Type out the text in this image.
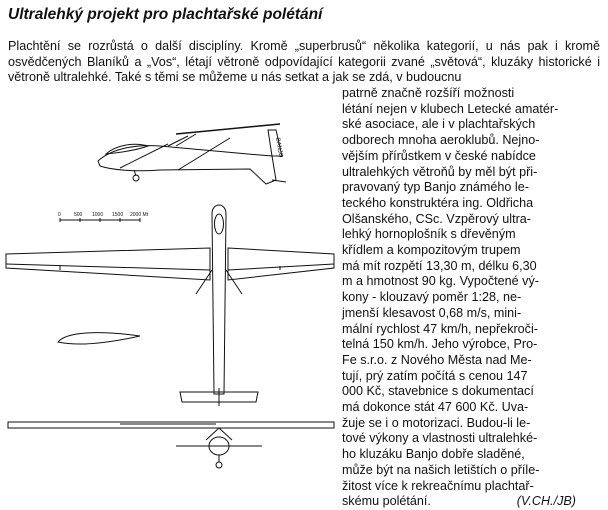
Ultralehký projekt pro plachtařské polétání

Plachtění se rozrůstá o další disciplíny. Kromě „superbrusů“ několika kategorií, u nás pak i kromě osvědčených Blaníků a „Vos“, létají větroně odpovídající kategorii zvané „světová“, kluzáky historické i větroně ultralehké. Také s těmi se můžeme u nás setkat a jak se zdá, v budoucnu

BANJO
0	500 1000 1500 2000 Mt

patrně značně rozšíří možnosti
létání nejen v klubech Letecké amatér-
ské asociace, ale i v plachtařských
odborech mnoha aeroklubů. Nejno-
vějším přírůstkem v české nabídce
ultralehkých větroňů by měl být při-
pravovaný typ Banjo známého le-
teckého konstruktéra ing. Oldřicha
Olšanského, CSc. Vzpěrový ultra-
lehký hornoplošník s dřevěným
křídlem a kompozitovým trupem
má mít rozpětí 13,30 m, délku 6,30
m a hmotnost 90 kg. Vypočtené vý-
kony - klouzavý poměr 1:28, ne-
jmenší klesavost 0,68 m/s, mini-
mální rychlost 47 km/h, nepřekroči-
telná 150 km/h. Jeho výrobce, Pro-
Fe s.r.o. z Nového Města nad Me-
tují, prý zatím počítá s cenou 147
000 Kč, stavebnice s dokumentací
má dokonce stát 47 600 Kč. Uva-
žuje se i o motorizaci. Budou-li le-
tové výkony a vlastnosti ultralehké-
ho kluzáku Banjo dobře sladěné,
může být na našich letištích o příle-
žitost více k rekreačnímu plachtař-
skému polétání.	(V.CH./JB)
